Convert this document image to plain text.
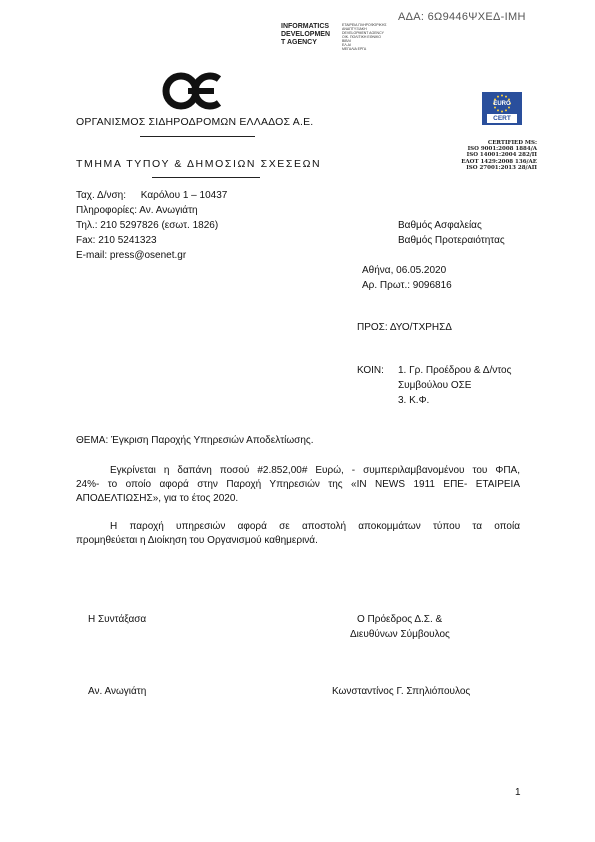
ΑΔΑ: 6Ω9446ΨΧΕΔ-ΙΜΗ
INFORMATICS
DEVELOPMEN
T AGENCY
ΕΤΑΙΡΕΙΑ ΠΛΗΡΟΦΟΡΙΚΗΣ
ΑΝΑΠΤΥΞΙΑΚΗ
DEVELOPMENT AGENCY
ΟΙΚ. ΠΟΛΙΤΙΚΗ ΕΘΝΙΚΟ
ΒΙΒΛΙ
ΕΛ.ΑΙ
ΜΕΓΑΛΙΑ ΕΡΓΑ
ΟΡΓΑΝΙΣΜΟΣ ΣΙΔΗΡΟΔΡΟΜΩΝ ΕΛΛΑΔΟΣ Α.Ε.
EURO
CERT
CERTIFIED MS:
ISO 9001:2008 1884/Α
ISO 14001:2004 282/Π
ΕΛΟΤ 1429:2008 136/ΑΕ
ISO 27001:2013 28/ΑΠ
ΤΜΗΜΑ ΤΥΠΟΥ & ΔΗΜΟΣΙΩΝ ΣΧΕΣΕΩΝ
Ταχ. Δ/νση: Καρόλου 1 – 10437
Πληροφορίες: Αν. Ανωγιάτη
Τηλ.: 210 5297826 (εσωτ. 1826)
Fax: 210 5241323
E-mail: press@osenet.gr
Βαθμός Ασφαλείας
Βαθμός Προτεραιότητας
Αθήνα, 06.05.2020
Αρ. Πρωτ.: 9096816
ΠΡΟΣ: ΔΥΟ/ΤΧΡΗΣΔ
ΚΟΙΝ: 1. Γρ. Προέδρου & Δ/ντος
Συμβούλου ΟΣΕ
3. Κ.Φ.
ΘΕΜΑ: Έγκριση Παροχής Υπηρεσιών Αποδελτίωσης.
Εγκρίνεται η δαπάνη ποσού #2.852,00# Ευρώ, - συμπεριλαμβανομένου του ΦΠΑ,
24%- το οποίο αφορά στην Παροχή Υπηρεσιών της «IN NEWS 1911 ΕΠΕ- ΕΤΑΙΡΕΙΑ
ΑΠΟΔΕΛΤΙΩΣΗΣ», για το έτος 2020.
Η παροχή υπηρεσιών αφορά σε αποστολή αποκομμάτων τύπου τα οποία
προμηθεύεται η Διοίκηση του Οργανισμού καθημερινά.
Η Συντάξασα	Ο Πρόεδρος Δ.Σ. &
Διευθύνων Σύμβουλος
Αν. Ανωγιάτη	Κωνσταντίνος Γ. Σπηλιόπουλος
1
